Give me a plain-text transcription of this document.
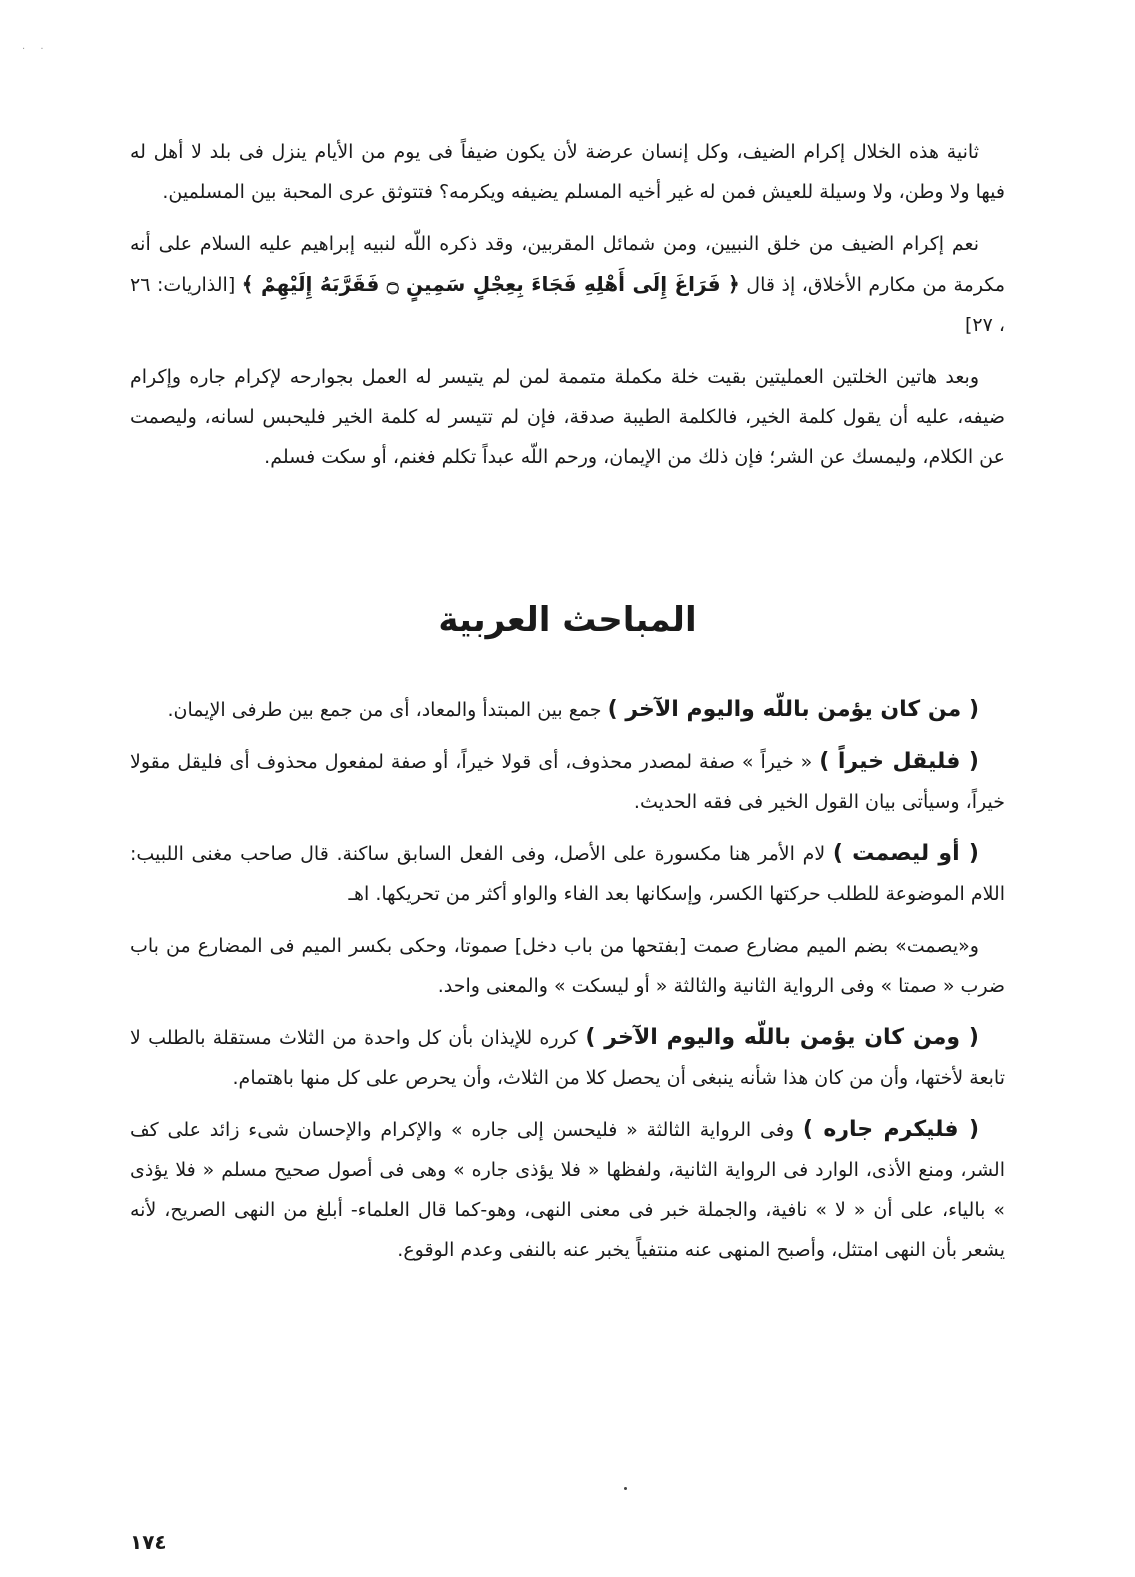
· ·

ثانية هذه الخلال إكرام الضيف، وكل إنسان عرضة لأن يكون ضيفاً فى يوم من الأيام ينزل فى بلد لا أهل له فيها ولا وطن، ولا وسيلة للعيش فمن له غير أخيه المسلم يضيفه ويكرمه؟ فتتوثق عرى المحبة بين المسلمين.

نعم إكرام الضيف من خلق النبيين، ومن شمائل المقربين، وقد ذكره اللّه لنبيه إبراهيم عليه السلام على أنه مكرمة من مكارم الأخلاق، إذ قال ﴿ فَرَاغَ إِلَى أَهْلِهِ فَجَاءَ بِعِجْلٍ سَمِينٍ ۝ فَقَرَّبَهُ إِلَيْهِمْ ﴾ [الذاريات: ٢٦ ، ٢٧]

وبعد هاتين الخلتين العمليتين بقيت خلة مكملة متممة لمن لم يتيسر له العمل بجوارحه لإكرام جاره وإكرام ضيفه، عليه أن يقول كلمة الخير، فالكلمة الطيبة صدقة، فإن لم تتيسر له كلمة الخير فليحبس لسانه، وليصمت عن الكلام، وليمسك عن الشر؛ فإن ذلك من الإيمان، ورحم اللّه عبداً تكلم فغنم، أو سكت فسلم.

المباحث العربية

( من كان يؤمن باللّه واليوم الآخر ) جمع بين المبتدأ والمعاد، أى من جمع بين طرفى الإيمان.

( فليقل خيراً ) « خيراً » صفة لمصدر محذوف، أى قولا خيراً، أو صفة لمفعول محذوف أى فليقل مقولا خيراً، وسيأتى بيان القول الخير فى فقه الحديث.

( أو ليصمت ) لام الأمر هنا مكسورة على الأصل، وفى الفعل السابق ساكنة. قال صاحب مغنى اللبيب: اللام الموضوعة للطلب حركتها الكسر، وإسكانها بعد الفاء والواو أكثر من تحريكها. اهـ

و«يصمت» بضم الميم مضارع صمت [بفتحها من باب دخل] صموتا، وحكى بكسر الميم فى المضارع من باب ضرب « صمتا » وفى الرواية الثانية والثالثة « أو ليسكت » والمعنى واحد.

( ومن كان يؤمن باللّه واليوم الآخر ) كرره للإيذان بأن كل واحدة من الثلاث مستقلة بالطلب لا تابعة لأختها، وأن من كان هذا شأنه ينبغى أن يحصل كلا من الثلاث، وأن يحرص على كل منها باهتمام.

( فليكرم جاره ) وفى الرواية الثالثة « فليحسن إلى جاره » والإكرام والإحسان شىء زائد على كف الشر، ومنع الأذى، الوارد فى الرواية الثانية، ولفظها « فلا يؤذى جاره » وهى فى أصول صحيح مسلم « فلا يؤذى » بالياء، على أن « لا » نافية، والجملة خبر فى معنى النهى، وهو-كما قال العلماء- أبلغ من النهى الصريح، لأنه يشعر بأن النهى امتثل، وأصبح المنهى عنه منتفياً يخبر عنه بالنفى وعدم الوقوع.

١٧٤
